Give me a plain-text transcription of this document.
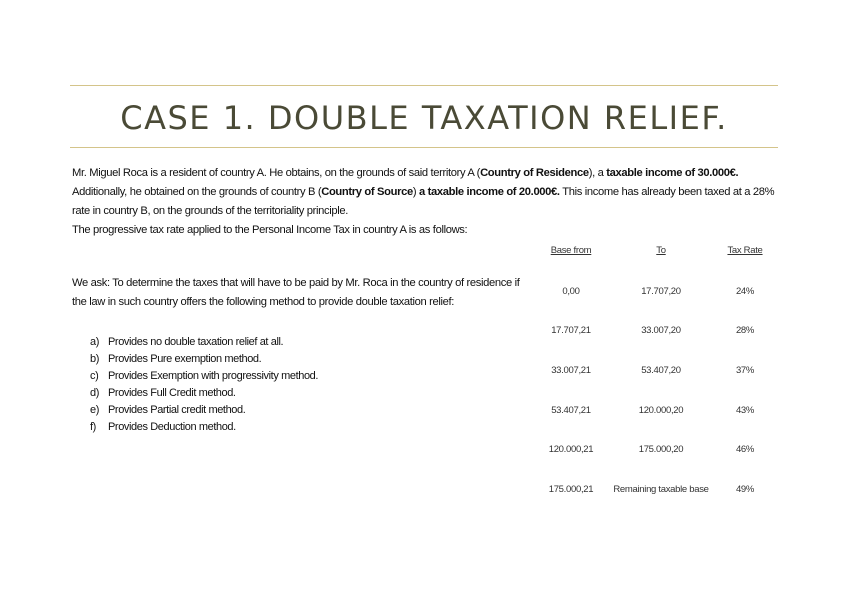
CASE 1. DOUBLE TAXATION RELIEF.

Mr. Miguel Roca is a resident of country A. He obtains, on the grounds of said territory A (Country of Residence), a taxable income of 30.000€. Additionally, he obtained on the grounds of country B (Country of Source) a taxable income of 20.000€. This income has already been taxed at a 28% rate in country B, on the grounds of the territoriality principle.

The progressive tax rate applied to the Personal Income Tax in country A is as follows:

We ask: To determine the taxes that will have to be paid by Mr. Roca in the country of residence if the law in such country offers the following method to provide double taxation relief:

a) Provides no double taxation relief at all.
b) Provides Pure exemption method.
c) Provides Exemption with progressivity method.
d) Provides Full Credit method.
e) Provides Partial credit method.
f)	Provides Deduction method.
Base from	To	Tax Rate
0,00	17.707,20	24%
17.707,21	33.007,20	28%
33.007,21	53.407,20	37%
53.407,21	120.000,20	43%
120.000,21	175.000,20	46%
175.000,21	Remaining taxable base	49%
